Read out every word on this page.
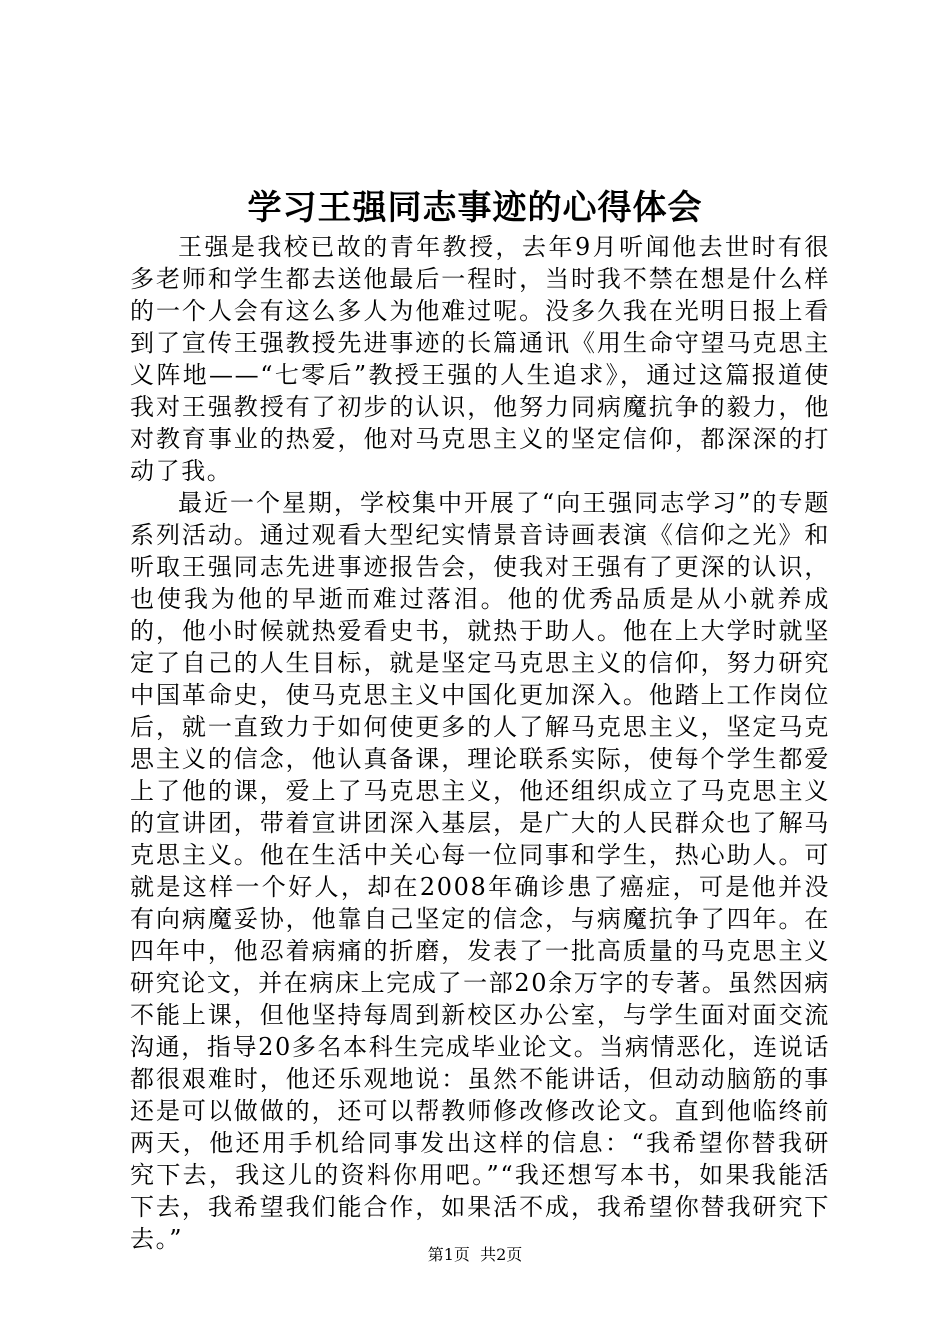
学习王强同志事迹的心得体会

王强是我校已故的青年教授，去年9月听闻他去世时有很多老师和学生都去送他最后一程时，当时我不禁在想是什么样的一个人会有这么多人为他难过呢。没多久我在光明日报上看到了宣传王强教授先进事迹的长篇通讯《用生命守望马克思主义阵地——“七零后”教授王强的人生追求》，通过这篇报道使我对王强教授有了初步的认识，他努力同病魔抗争的毅力，他对教育事业的热爱，他对马克思主义的坚定信仰，都深深的打动了我。

最近一个星期，学校集中开展了“向王强同志学习”的专题系列活动。通过观看大型纪实情景音诗画表演《信仰之光》和听取王强同志先进事迹报告会，使我对王强有了更深的认识，也使我为他的早逝而难过落泪。他的优秀品质是从小就养成的，他小时候就热爱看史书，就热于助人。他在上大学时就坚定了自己的人生目标，就是坚定马克思主义的信仰，努力研究中国革命史，使马克思主义中国化更加深入。他踏上工作岗位后，就一直致力于如何使更多的人了解马克思主义，坚定马克思主义的信念，他认真备课，理论联系实际，使每个学生都爱上了他的课，爱上了马克思主义，他还组织成立了马克思主义的宣讲团，带着宣讲团深入基层，是广大的人民群众也了解马克思主义。他在生活中关心每一位同事和学生，热心助人。可就是这样一个好人，却在2008年确诊患了癌症，可是他并没有向病魔妥协，他靠自己坚定的信念，与病魔抗争了四年。在四年中，他忍着病痛的折磨，发表了一批高质量的马克思主义研究论文，并在病床上完成了一部20余万字的专著。虽然因病不能上课，但他坚持每周到新校区办公室，与学生面对面交流沟通，指导20多名本科生完成毕业论文。当病情恶化，连说话都很艰难时，他还乐观地说：虽然不能讲话，但动动脑筋的事还是可以做做的，还可以帮教师修改修改论文。直到他临终前两天，他还用手机给同事发出这样的信息：“我希望你替我研究下去，我这儿的资料你用吧。”“我还想写本书，如果我能活下去，我希望我们能合作，如果活不成，我希望你替我研究下去。”

第1页  共2页
